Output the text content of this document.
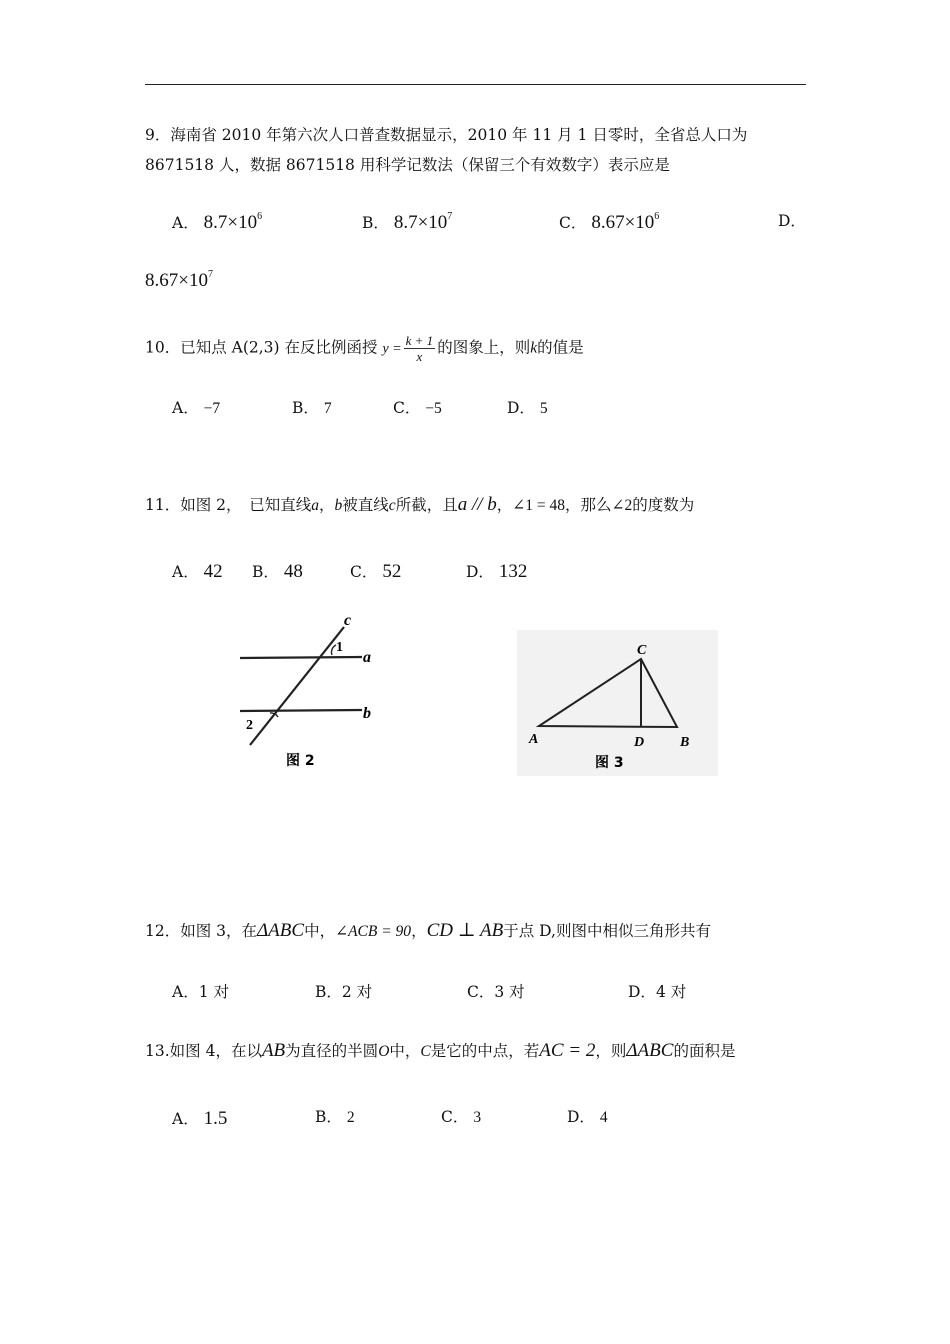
9．海南省 2010 年第六次人口普查数据显示，2010 年 11 月 1 日零时，全省总人口为
8671518 人，数据 8671518 用科学记数法（保留三个有效数字）表示应是
A． $8.7\times 10^6$	B． $8.7\times 10^7$	C． $8.67\times 10^6$	D．
$8.67\times 10^7$
10．已知点 A(2,3) 在反比例函授 $y = \frac{k + 1}{x}$ 的图象上，则k的值是
A． −7	B． 7	C． −5	D． 5
11．如图 2，　已知直线a，b被直线c所截，且a // b，∠1 = 48，那么∠2的度数为
A． 42 B． 48	C． 52	D． 132
c
a
b
1
2
图 2
C
A	D	B
图 3
12．如图 3，在ΔABC中，∠ACB = 90，CD ⊥ AB于点 D,则图中相似三角形共有
A．1 对	B．2 对	C．3 对	D．4 对
13.如图 4，在以AB为直径的半圆O中，C是它的中点，若AC = 2，则ΔABC的面积是
A． 1.5	B． 2	C． 3	D． 4
